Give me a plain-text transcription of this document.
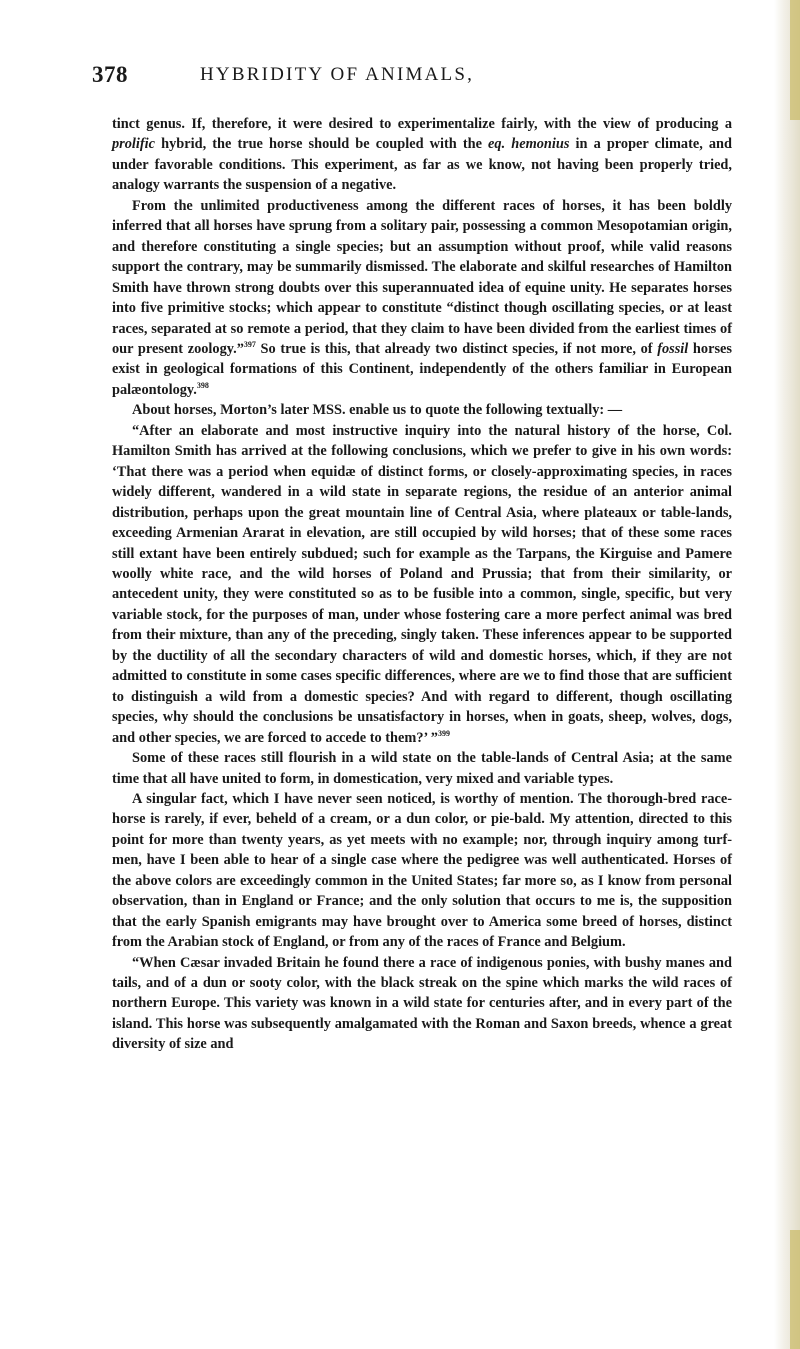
378	HYBRIDITY OF ANIMALS,

tinct genus. If, therefore, it were desired to experimentalize fairly, with the view of producing a prolific hybrid, the true horse should be coupled with the eq. hemonius in a proper climate, and under favorable conditions. This experiment, as far as we know, not having been properly tried, analogy warrants the suspension of a negative.

From the unlimited productiveness among the different races of horses, it has been boldly inferred that all horses have sprung from a solitary pair, possessing a common Mesopotamian origin, and therefore constituting a single species; but an assumption without proof, while valid reasons support the contrary, may be summarily dismissed. The elaborate and skilful researches of Hamilton Smith have thrown strong doubts over this superannuated idea of equine unity. He separates horses into five primitive stocks; which appear to constitute “distinct though oscillating species, or at least races, separated at so remote a period, that they claim to have been divided from the earliest times of our present zoology.”$^{397}$ So true is this, that already two distinct species, if not more, of fossil horses exist in geological formations of this Continent, independently of the others familiar in European palæontology.$^{398}$

About horses, Morton’s later MSS. enable us to quote the following textually: —

“After an elaborate and most instructive inquiry into the natural history of the horse, Col. Hamilton Smith has arrived at the following conclusions, which we prefer to give in his own words: ‘That there was a period when equidæ of distinct forms, or closely-approximating species, in races widely different, wandered in a wild state in separate regions, the residue of an anterior animal distribution, perhaps upon the great mountain line of Central Asia, where plateaux or table-lands, exceeding Armenian Ararat in elevation, are still occupied by wild horses; that of these some races still extant have been entirely subdued; such for example as the Tarpans, the Kirguise and Pamere woolly white race, and the wild horses of Poland and Prussia; that from their similarity, or antecedent unity, they were constituted so as to be fusible into a common, single, specific, but very variable stock, for the purposes of man, under whose fostering care a more perfect animal was bred from their mixture, than any of the preceding, singly taken. These inferences appear to be supported by the ductility of all the secondary characters of wild and domestic horses, which, if they are not admitted to constitute in some cases specific differences, where are we to find those that are sufficient to distinguish a wild from a domestic species? And with regard to different, though oscillating species, why should the conclusions be unsatisfactory in horses, when in goats, sheep, wolves, dogs, and other species, we are forced to accede to them?’ ”$^{399}$

Some of these races still flourish in a wild state on the table-lands of Central Asia; at the same time that all have united to form, in domestication, very mixed and variable types.

A singular fact, which I have never seen noticed, is worthy of mention. The thorough-bred race-horse is rarely, if ever, beheld of a cream, or a dun color, or pie-bald. My attention, directed to this point for more than twenty years, as yet meets with no example; nor, through inquiry among turf-men, have I been able to hear of a single case where the pedigree was well authenticated. Horses of the above colors are exceedingly common in the United States; far more so, as I know from personal observation, than in England or France; and the only solution that occurs to me is, the supposition that the early Spanish emigrants may have brought over to America some breed of horses, distinct from the Arabian stock of England, or from any of the races of France and Belgium.

“When Cæsar invaded Britain he found there a race of indigenous ponies, with bushy manes and tails, and of a dun or sooty color, with the black streak on the spine which marks the wild races of northern Europe. This variety was known in a wild state for centuries after, and in every part of the island. This horse was subsequently amalgamated with the Roman and Saxon breeds, whence a great diversity of size and
